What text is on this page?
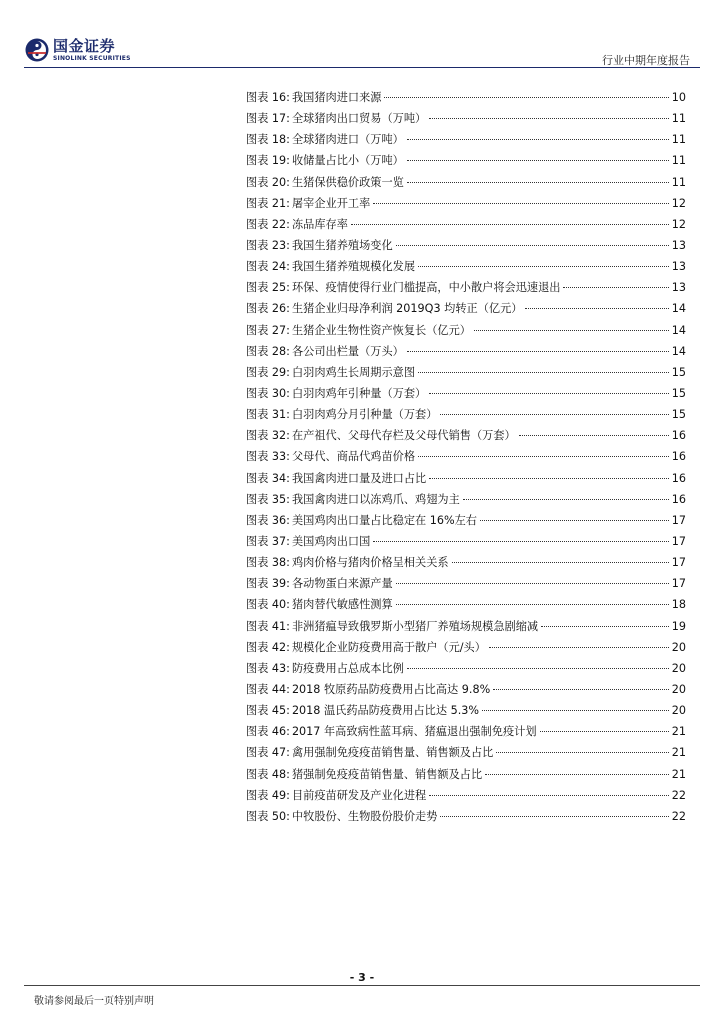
国金证券
SINOLINK SECURITIES	行业中期年度报告
图表 16: 我国猪肉进口来源	10
图表 17: 全球猪肉出口贸易（万吨）	11
图表 18: 全球猪肉进口（万吨）	11
图表 19: 收储量占比小（万吨）	11
图表 20: 生猪保供稳价政策一览	11
图表 21: 屠宰企业开工率	12
图表 22: 冻品库存率	12
图表 23: 我国生猪养殖场变化	13
图表 24: 我国生猪养殖规模化发展	13
图表 25: 环保、疫情使得行业门槛提高，中小散户将会迅速退出	13
图表 26: 生猪企业归母净利润 2019Q3 均转正（亿元）	14
图表 27: 生猪企业生物性资产恢复长（亿元）	14
图表 28: 各公司出栏量（万头）	14
图表 29: 白羽肉鸡生长周期示意图	15
图表 30: 白羽肉鸡年引种量（万套）	15
图表 31: 白羽肉鸡分月引种量（万套）	15
图表 32: 在产祖代、父母代存栏及父母代销售（万套）	16
图表 33: 父母代、商品代鸡苗价格	16
图表 34: 我国禽肉进口量及进口占比	16
图表 35: 我国禽肉进口以冻鸡爪、鸡翅为主	16
图表 36: 美国鸡肉出口量占比稳定在 16%左右	17
图表 37: 美国鸡肉出口国	17
图表 38: 鸡肉价格与猪肉价格呈相关关系	17
图表 39: 各动物蛋白来源产量	17
图表 40: 猪肉替代敏感性测算	18
图表 41: 非洲猪瘟导致俄罗斯小型猪厂养殖场规模急剧缩减	19
图表 42: 规模化企业防疫费用高于散户（元/头）	20
图表 43: 防疫费用占总成本比例	20
图表 44: 2018 牧原药品防疫费用占比高达 9.8%	20
图表 45: 2018 温氏药品防疫费用占比达 5.3%	20
图表 46: 2017 年高致病性蓝耳病、猪瘟退出强制免疫计划	21
图表 47: 禽用强制免疫疫苗销售量、销售额及占比	21
图表 48: 猪强制免疫疫苗销售量、销售额及占比	21
图表 49: 目前疫苗研发及产业化进程	22
图表 50: 中牧股份、生物股份股价走势	22
- 3 -
敬请参阅最后一页特别声明
